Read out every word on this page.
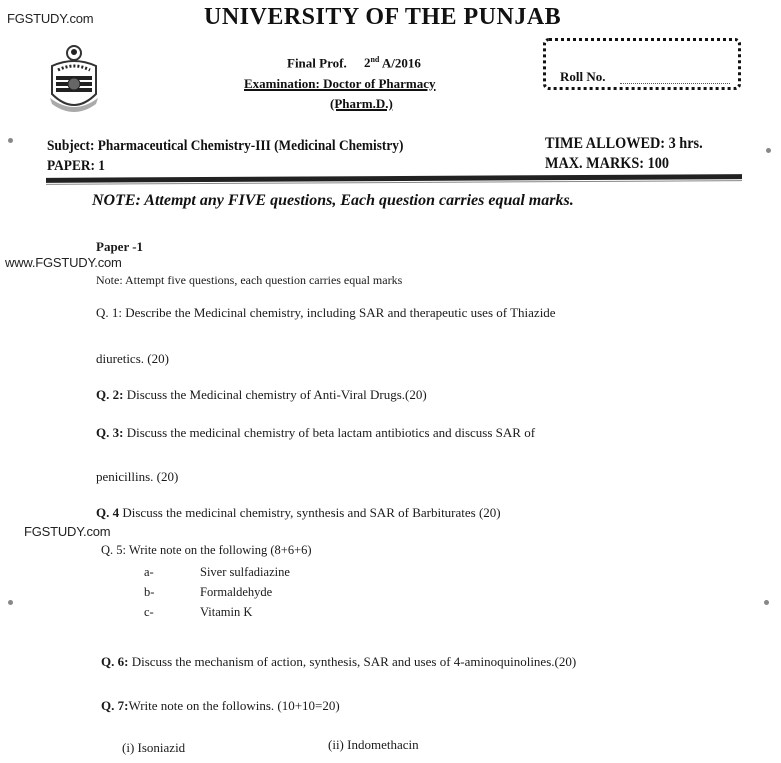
FGSTUDY.com
www.FGSTUDY.com
FGSTUDY.com
UNIVERSITY OF THE PUNJAB
Final Prof. 2nd A/2016
Examination: Doctor of Pharmacy
(Pharm.D.)
Roll No.
Subject: Pharmaceutical Chemistry-III (Medicinal Chemistry)
PAPER: 1
TIME ALLOWED: 3 hrs.
MAX. MARKS: 100
NOTE: Attempt any FIVE questions, Each question carries equal marks.
Paper -1
Note: Attempt five questions, each question carries equal marks
Q. 1: Describe the Medicinal chemistry, including SAR and therapeutic uses of Thiazide
diuretics. (20)
Q. 2: Discuss the Medicinal chemistry of Anti-Viral Drugs.(20)
Q. 3: Discuss the medicinal chemistry of beta lactam antibiotics and discuss SAR of
penicillins. (20)
Q. 4 Discuss the medicinal chemistry, synthesis and SAR of Barbiturates (20)
Q. 5: Write note on the following (8+6+6)
a-	Siver sulfadiazine
b-	Formaldehyde
c-	Vitamin K
Q. 6: Discuss the mechanism of action, synthesis, SAR and uses of 4-aminoquinolines.(20)
Q. 7:Write note on the followins. (10+10=20)
(i) Isoniazid	(ii) Indomethacin
